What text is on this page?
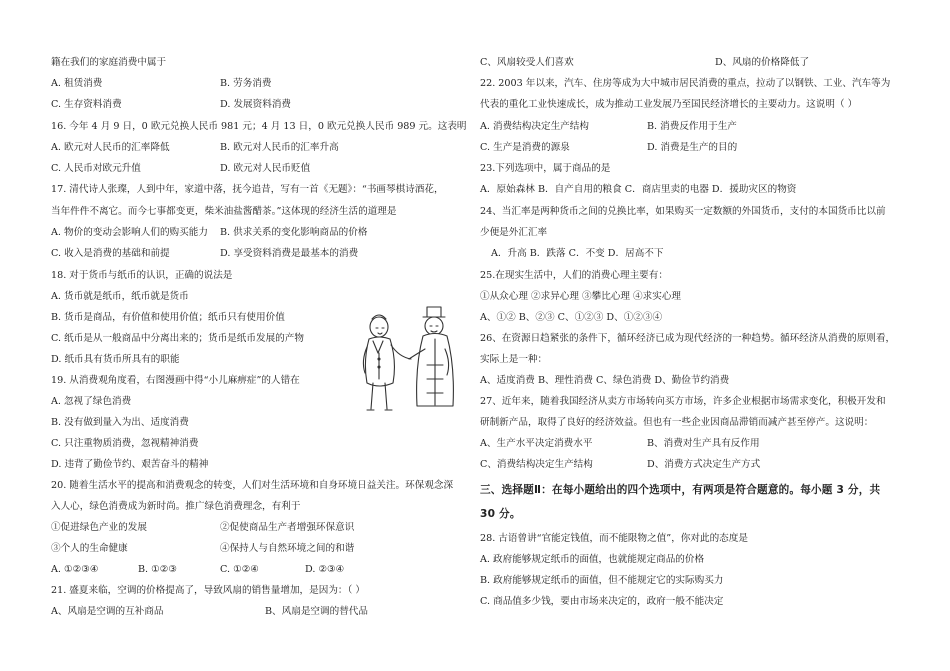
籍在我们的家庭消费中属于
A. 租赁消费	B. 劳务消费
C. 生存资料消费	D. 发展资料消费
16. 今年 4 月 9 日，0 欧元兑换人民币 981 元；4 月 13 日，0 欧元兑换人民币 989 元。这表明
A. 欧元对人民币的汇率降低	B. 欧元对人民币的汇率升高
C. 人民币对欧元升值	D. 欧元对人民币贬值
17. 清代诗人张璨，人到中年，家道中落，抚今追昔，写有一首《无题》：“书画琴棋诗酒花，
当年件件不离它。而今七事都变更，柴米油盐酱醋茶。”这体现的经济生活的道理是
A. 物价的变动会影响人们的购买能力 B. 供求关系的变化影响商品的价格
C. 收入是消费的基础和前提	D. 享受资料消费是最基本的消费
18. 对于货币与纸币的认识，正确的说法是
A. 货币就是纸币，纸币就是货币
B. 货币是商品，有价值和使用价值；纸币只有使用价值
C. 纸币是从一般商品中分离出来的；货币是纸币发展的产物
D. 纸币具有货币所具有的职能
19. 从消费观角度看，右图漫画中得“小儿麻痹症”的人错在
A. 忽视了绿色消费
B. 没有做到量入为出、适度消费
C. 只注重物质消费，忽视精神消费
D. 违背了勤俭节约、艰苦奋斗的精神
20. 随着生活水平的提高和消费观念的转变，人们对生活环境和自身环境日益关注。环保观念深
入人心，绿色消费成为新时尚。推广绿色消费理念，有利于
①促进绿色产业的发展	②促使商品生产者增强环保意识
③个人的生命健康	④保持人与自然环境之间的和谐
A. ①②③④	B. ①②③	C. ①②④	D. ②③④
21. 盛夏来临，空调的价格提高了，导致风扇的销售量增加，是因为：（ ）
A、风扇是空调的互补商品	B、风扇是空调的替代品
C、风扇较受人们喜欢	D、风扇的价格降低了
22. 2003 年以来，汽车、住房等成为大中城市居民消费的重点，拉动了以钢铁、工业、汽车等为
代表的重化工业快速成长，成为推动工业发展乃至国民经济增长的主要动力。这说明（ ）
A. 消费结构决定生产结构	B. 消费反作用于生产
C. 生产是消费的源泉	D. 消费是生产的目的
23.下列选项中，属于商品的是
A．原始森林 B．自产自用的粮食 C．商店里卖的电器 D．援助灾区的物资
24、当汇率是两种货币之间的兑换比率，如果购买一定数额的外国货币，支付的本国货币比以前
少便是外汇汇率
A．升高 B．跌落 C．不变 D．居高不下
25.在现实生活中，人们的消费心理主要有：
①从众心理 ②求异心理 ③攀比心理 ④求实心理
A、①② B、②③ C、①②③ D、①②③④
26、在资源日趋紧张的条件下，循环经济已成为现代经济的一种趋势。循环经济从消费的原则看，
实际上是一种：
A、适度消费 B、理性消费 C、绿色消费 D、勤俭节约消费
27、近年来，随着我国经济从卖方市场转向买方市场，许多企业根据市场需求变化，积极开发和
研制新产品，取得了良好的经济效益。但也有一些企业因商品滞销而减产甚至停产。这说明：
A、生产水平决定消费水平	B、消费对生产具有反作用
C、消费结构决定生产结构	D、消费方式决定生产方式
三、选择题Ⅱ：在每小题给出的四个选项中，有两项是符合题意的。每小题 3 分，共
30 分。
28. 古语曾讲“官能定钱值，而不能限物之值”，你对此的态度是
A. 政府能够规定纸币的面值，也就能规定商品的价格
B. 政府能够规定纸币的面值，但不能规定它的实际购买力
C. 商品值多少钱，要由市场来决定的，政府一般不能决定
